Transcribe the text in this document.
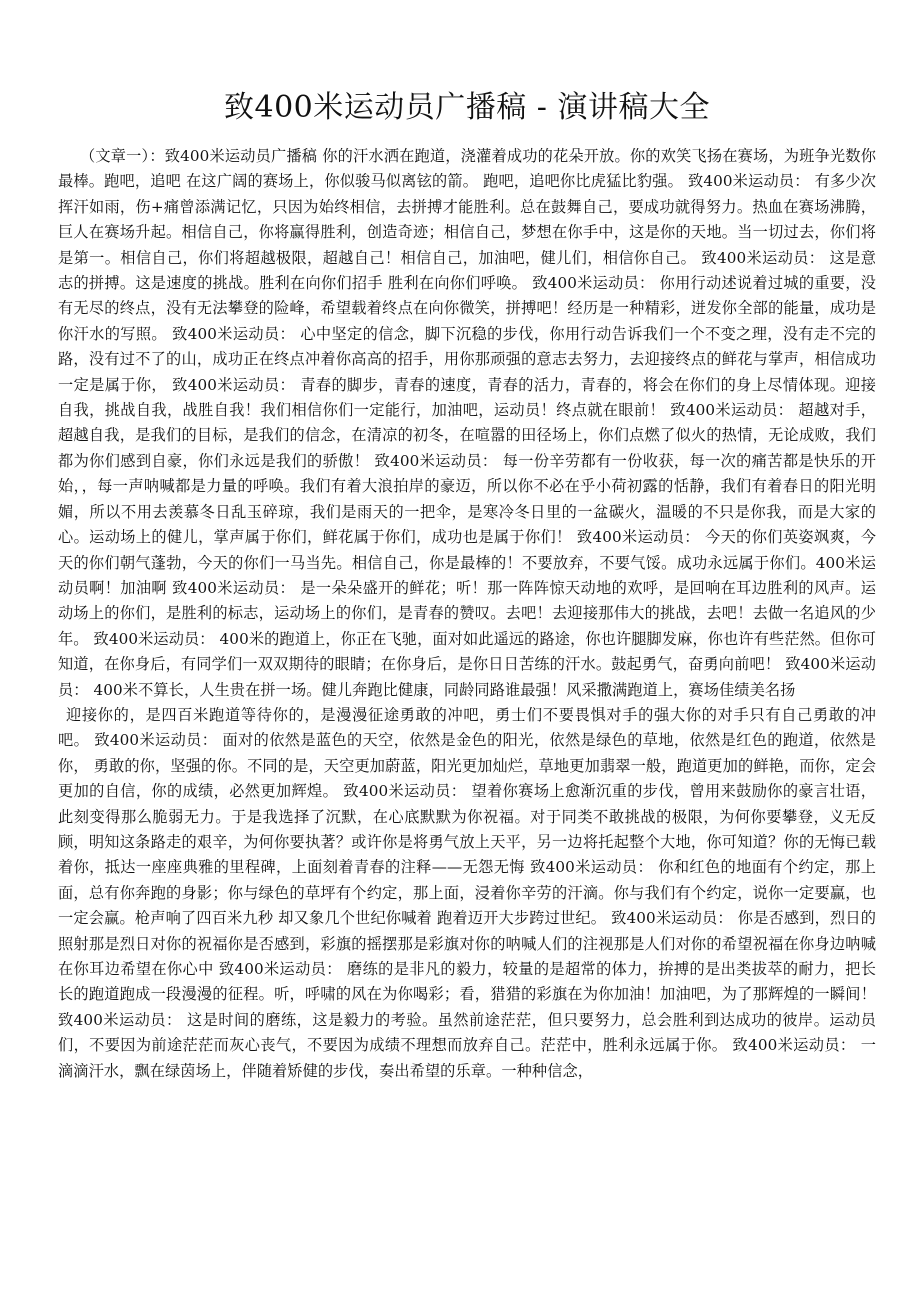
致400米运动员广播稿 - 演讲稿大全

（文章一）：致400米运动员广播稿 你的汗水洒在跑道，浇灌着成功的花朵开放。你的欢笑飞扬在赛场，为班争光数你最棒。跑吧，追吧 在这广阔的赛场上，你似骏马似离铉的箭。 跑吧，追吧你比虎猛比豹强。 致400米运动员： 有多少次挥汗如雨，伤+痛曾添满记忆，只因为始终相信，去拼搏才能胜利。总在鼓舞自己，要成功就得努力。热血在赛场沸腾，巨人在赛场升起。相信自己，你将赢得胜利，创造奇迹；相信自己，梦想在你手中，这是你的天地。当一切过去，你们将是第一。相信自己，你们将超越极限，超越自己！相信自己，加油吧，健儿们，相信你自己。 致400米运动员： 这是意志的拼搏。这是速度的挑战。胜利在向你们招手 胜利在向你们呼唤。 致400米运动员： 你用行动述说着过城的重要，没有无尽的终点，没有无法攀登的险峰，希望载着终点在向你微笑，拼搏吧！经历是一种精彩，迸发你全部的能量，成功是你汗水的写照。 致400米运动员： 心中坚定的信念，脚下沉稳的步伐，你用行动告诉我们一个不变之理，没有走不完的路，没有过不了的山，成功正在终点冲着你高高的招手，用你那顽强的意志去努力，去迎接终点的鲜花与掌声，相信成功一定是属于你， 致400米运动员： 青春的脚步，青春的速度，青春的活力，青春的，将会在你们的身上尽情体现。迎接自我，挑战自我，战胜自我！我们相信你们一定能行，加油吧，运动员！终点就在眼前！ 致400米运动员： 超越对手，超越自我，是我们的目标，是我们的信念，在清凉的初冬，在喧嚣的田径场上，你们点燃了似火的热情，无论成败，我们都为你们感到自豪，你们永远是我们的骄傲！ 致400米运动员： 每一份辛劳都有一份收获，每一次的痛苦都是快乐的开始，，每一声呐喊都是力量的呼唤。我们有着大浪拍岸的豪迈，所以你不必在乎小荷初露的恬静，我们有着春日的阳光明媚，所以不用去羡慕冬日乱玉碎琼，我们是雨天的一把伞，是寒冷冬日里的一盆碳火，温暖的不只是你我，而是大家的心。运动场上的健儿，掌声属于你们，鲜花属于你们，成功也是属于你们！ 致400米运动员： 今天的你们英姿飒爽，今天的你们朝气蓬勃，今天的你们一马当先。相信自己，你是最棒的！不要放弃，不要气馁。成功永远属于你们。400米运动员啊！加油啊 致400米运动员： 是一朵朵盛开的鲜花；听！那一阵阵惊天动地的欢呼，是回响在耳边胜利的风声。运动场上的你们，是胜利的标志，运动场上的你们，是青春的赞叹。去吧！去迎接那伟大的挑战，去吧！去做一名追风的少年。 致400米运动员： 400米的跑道上，你正在飞驰，面对如此遥远的路途，你也许腿脚发麻，你也许有些茫然。但你可知道，在你身后，有同学们一双双期待的眼睛；在你身后，是你日日苦练的汗水。鼓起勇气，奋勇向前吧！ 致400米运动员： 400米不算长，人生贵在拼一场。健儿奔跑比健康，同龄同路谁最强！风采撒满跑道上，赛场佳绩美名扬

迎接你的，是四百米跑道等待你的，是漫漫征途勇敢的冲吧，勇士们不要畏惧对手的强大你的对手只有自己勇敢的冲吧。 致400米运动员： 面对的依然是蓝色的天空，依然是金色的阳光，依然是绿色的草地，依然是红色的跑道，依然是你， 勇敢的你，坚强的你。不同的是，天空更加蔚蓝，阳光更加灿烂，草地更加翡翠一般，跑道更加的鲜艳，而你，定会更加的自信，你的成绩，必然更加辉煌。 致400米运动员： 望着你赛场上愈渐沉重的步伐，曾用来鼓励你的豪言壮语，此刻变得那么脆弱无力。于是我选择了沉默，在心底默默为你祝福。对于同类不敢挑战的极限，为何你要攀登，义无反顾，明知这条路走的艰辛，为何你要执著？或许你是将勇气放上天平，另一边将托起整个大地，你可知道？你的无悔已载着你，抵达一座座典雅的里程碑，上面刻着青春的注释——无怨无悔 致400米运动员： 你和红色的地面有个约定，那上面，总有你奔跑的身影；你与绿色的草坪有个约定，那上面，浸着你辛劳的汗滴。你与我们有个约定，说你一定要赢，也一定会赢。枪声响了四百米九秒 却又象几个世纪你喊着 跑着迈开大步跨过世纪。 致400米运动员： 你是否感到，烈日的照射那是烈日对你的祝福你是否感到，彩旗的摇摆那是彩旗对你的呐喊人们的注视那是人们对你的希望祝福在你身边呐喊在你耳边希望在你心中 致400米运动员： 磨练的是非凡的毅力，较量的是超常的体力，拚搏的是出类拔萃的耐力，把长长的跑道跑成一段漫漫的征程。听，呼啸的风在为你喝彩；看，猎猎的彩旗在为你加油！加油吧，为了那辉煌的一瞬间！ 致400米运动员： 这是时间的磨练，这是毅力的考验。虽然前途茫茫，但只要努力，总会胜利到达成功的彼岸。运动员们，不要因为前途茫茫而灰心丧气，不要因为成绩不理想而放弃自己。茫茫中，胜利永远属于你。 致400米运动员： 一滴滴汗水，飘在绿茵场上，伴随着矫健的步伐，奏出希望的乐章。一种种信念，
